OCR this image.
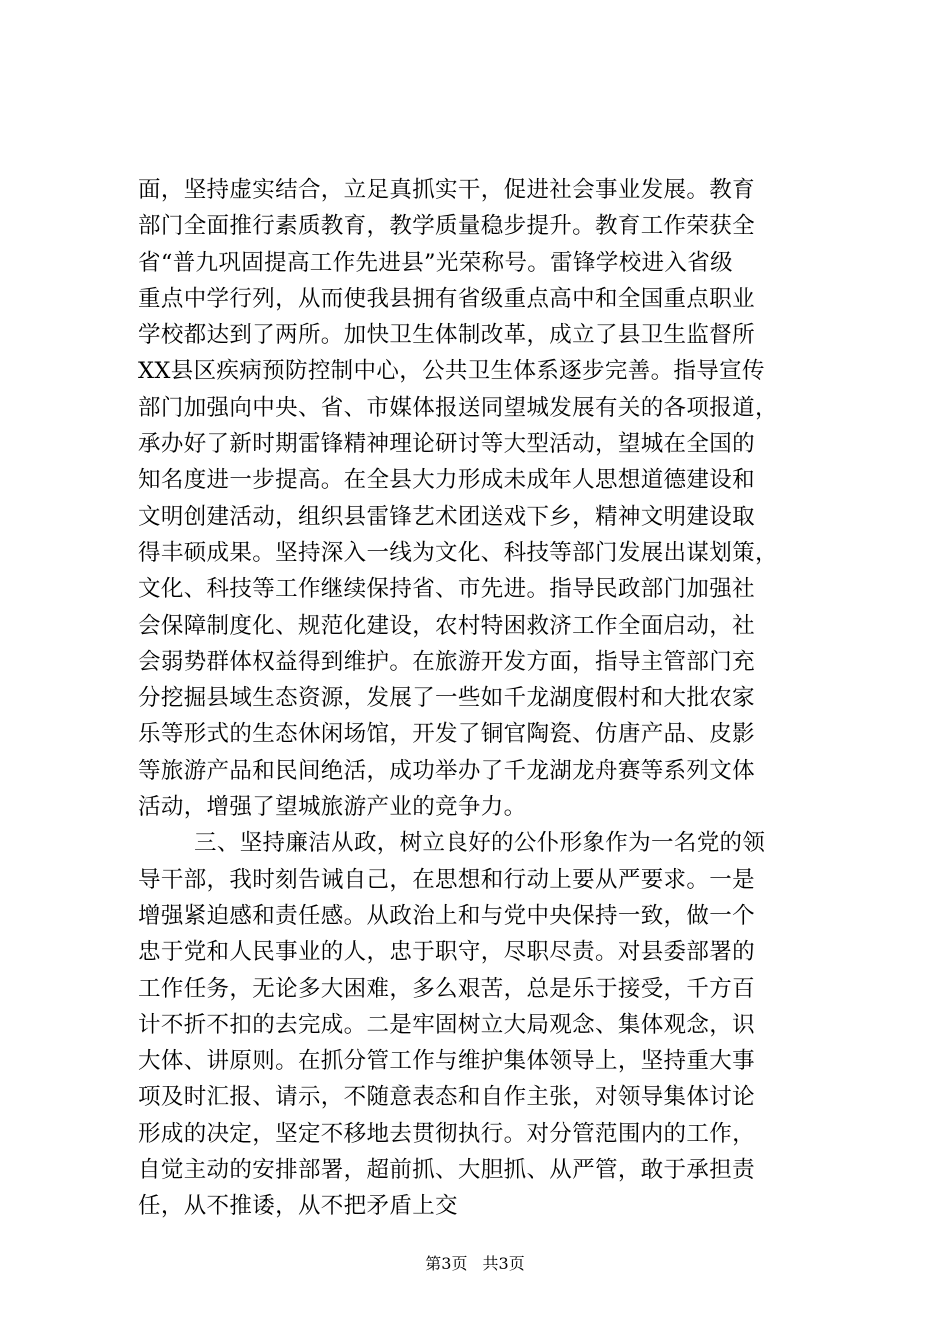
面，坚持虚实结合，立足真抓实干，促进社会事业发展。教育
部门全面推行素质教育，教学质量稳步提升。教育工作荣获全
省“普九巩固提高工作先进县”光荣称号。雷锋学校进入省级
重点中学行列，从而使我县拥有省级重点高中和全国重点职业
学校都达到了两所。加快卫生体制改革，成立了县卫生监督所
XX县区疾病预防控制中心，公共卫生体系逐步完善。指导宣传
部门加强向中央、省、市媒体报送同望城发展有关的各项报道，
承办好了新时期雷锋精神理论研讨等大型活动，望城在全国的
知名度进一步提高。在全县大力形成未成年人思想道德建设和
文明创建活动，组织县雷锋艺术团送戏下乡，精神文明建设取
得丰硕成果。坚持深入一线为文化、科技等部门发展出谋划策，
文化、科技等工作继续保持省、市先进。指导民政部门加强社
会保障制度化、规范化建设，农村特困救济工作全面启动，社
会弱势群体权益得到维护。在旅游开发方面，指导主管部门充
分挖掘县域生态资源，发展了一些如千龙湖度假村和大批农家
乐等形式的生态休闲场馆，开发了铜官陶瓷、仿唐产品、皮影
等旅游产品和民间绝活，成功举办了千龙湖龙舟赛等系列文体
活动，增强了望城旅游产业的竞争力。
三、坚持廉洁从政，树立良好的公仆形象作为一名党的领
导干部，我时刻告诫自己，在思想和行动上要从严要求。一是
增强紧迫感和责任感。从政治上和与党中央保持一致，做一个
忠于党和人民事业的人，忠于职守，尽职尽责。对县委部署的
工作任务，无论多大困难，多么艰苦，总是乐于接受，千方百
计不折不扣的去完成。二是牢固树立大局观念、集体观念，识
大体、讲原则。在抓分管工作与维护集体领导上，坚持重大事
项及时汇报、请示，不随意表态和自作主张，对领导集体讨论
形成的决定，坚定不移地去贯彻执行。对分管范围内的工作，
自觉主动的安排部署，超前抓、大胆抓、从严管，敢于承担责
任，从不推诿，从不把矛盾上交
第3页 共3页
